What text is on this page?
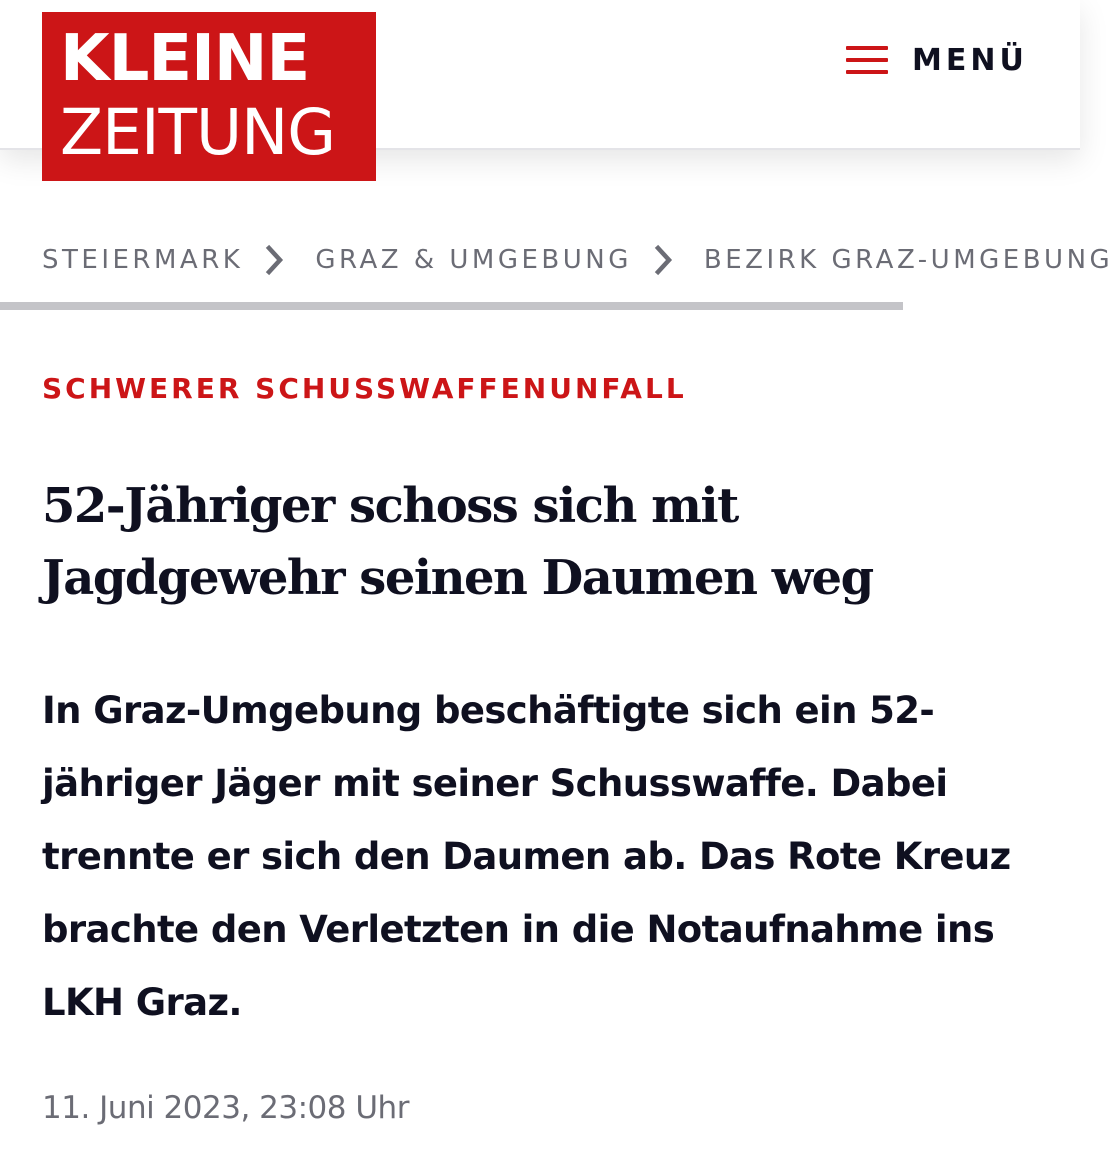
KLEINE
ZEITUNG
MENÜ
STEIERMARK	GRAZ & UMGEBUNG	BEZIRK GRAZ-UMGEBUNG
SCHWERER SCHUSSWAFFENUNFALL
52-Jähriger schoss sich mit Jagdgewehr seinen Daumen weg

In Graz-Umgebung beschäftigte sich ein 52-jähriger Jäger mit seiner Schusswaffe. Dabei trennte er sich den Daumen ab. Das Rote Kreuz brachte den Verletzten in die Notaufnahme ins LKH Graz.

11. Juni 2023, 23:08 Uhr
